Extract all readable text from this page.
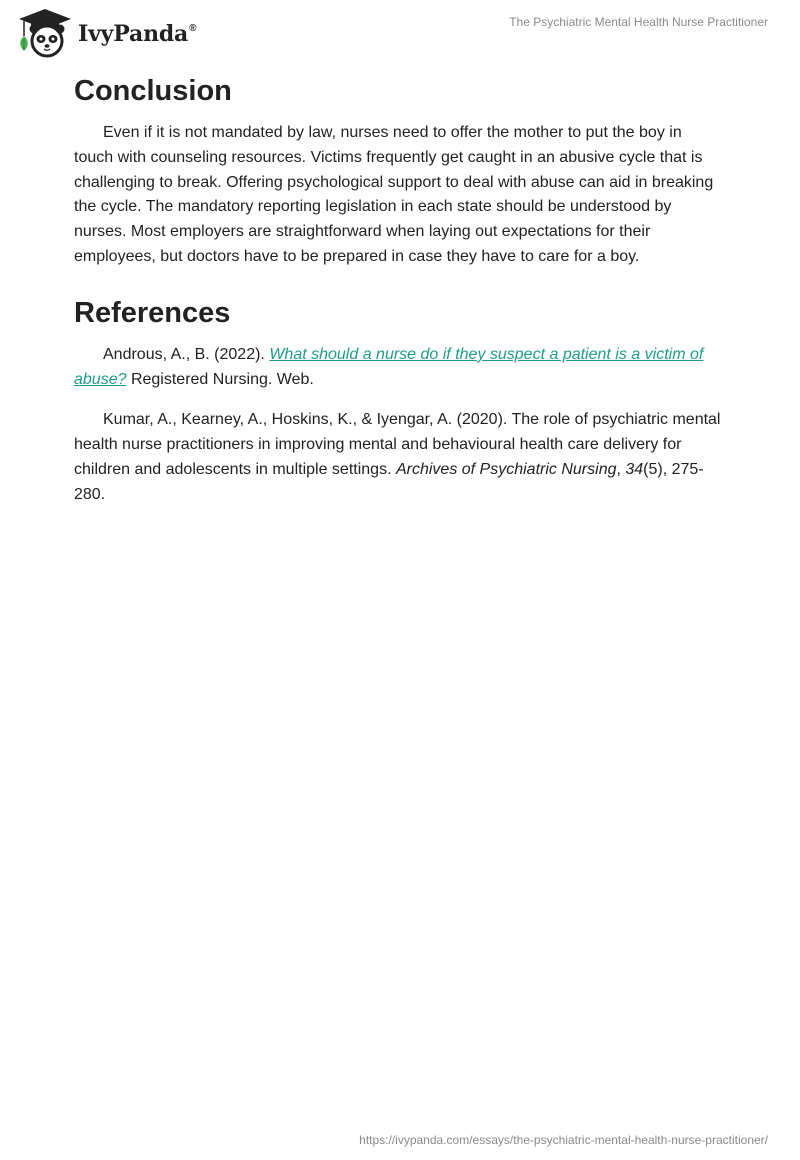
IvyPanda®	The Psychiatric Mental Health Nurse Practitioner
Conclusion

Even if it is not mandated by law, nurses need to offer the mother to put the boy in touch with counseling resources. Victims frequently get caught in an abusive cycle that is challenging to break. Offering psychological support to deal with abuse can aid in breaking the cycle. The mandatory reporting legislation in each state should be understood by nurses. Most employers are straightforward when laying out expectations for their employees, but doctors have to be prepared in case they have to care for a boy.

References

Androus, A., B. (2022). What should a nurse do if they suspect a patient is a victim of abuse? Registered Nursing. Web.

Kumar, A., Kearney, A., Hoskins, K., & Iyengar, A. (2020). The role of psychiatric mental health nurse practitioners in improving mental and behavioural health care delivery for children and adolescents in multiple settings. Archives of Psychiatric Nursing, 34(5), 275-280.

https://ivypanda.com/essays/the-psychiatric-mental-health-nurse-practitioner/
